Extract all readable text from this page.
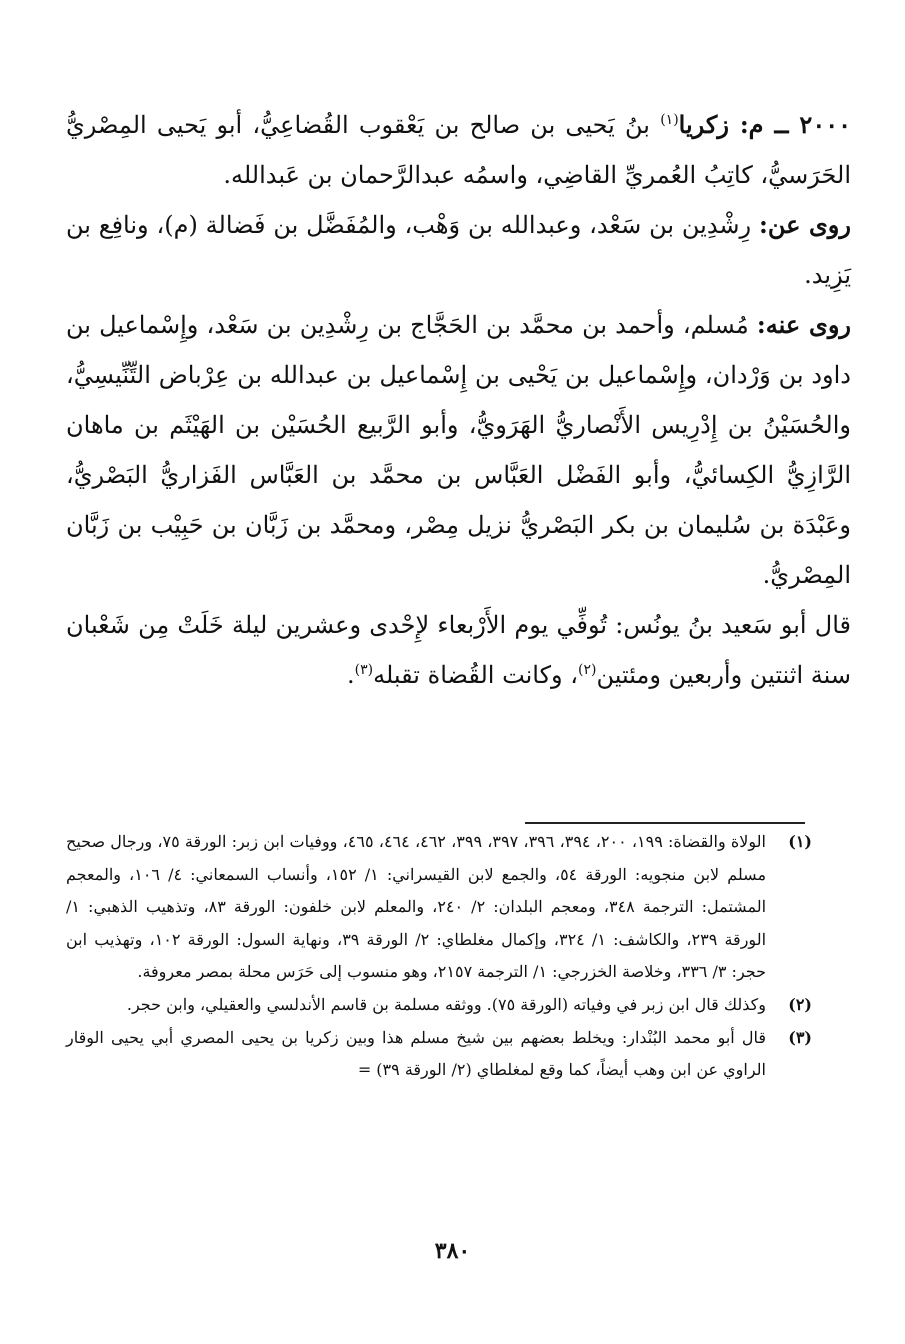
٢٠٠٠ ــ م: زكريا$^{(١)}$ بنُ يَحيى بن صالح بن يَعْقوب القُضاعِيُّ، أبو يَحيى المِصْريُّ الحَرَسيُّ، كاتِبُ العُمريِّ القاضِي، واسمُه عبدالرَّحمان بن عَبدالله.

روى عن: رِشْدِين بن سَعْد، وعبدالله بن وَهْب، والمُفَضَّل بن فَضالة (م)، ونافِع بن يَزِيد.

روى عنه: مُسلم، وأحمد بن محمَّد بن الحَجَّاج بن رِشْدِين بن سَعْد، وإِسْماعيل بن داود بن وَرْدان، وإِسْماعيل بن يَحْيى بن إِسْماعيل بن عبدالله بن عِرْباض التِّنِّيسِيُّ، والحُسَيْنُ بن إِدْرِيس الأَنْصاريُّ الهَرَويُّ، وأبو الرَّبيع الحُسَيْن بن الهَيْثَم بن ماهان الرَّازِيُّ الكِسائيُّ، وأبو الفَضْل العَبَّاس بن محمَّد بن العَبَّاس الفَزاريُّ البَصْريُّ، وعَبْدَة بن سُليمان بن بكر البَصْريُّ نزيل مِصْر، ومحمَّد بن زَبَّان بن حَبِيْب بن زَبَّان المِصْريُّ.

قال أبو سَعيد بنُ يونُس: تُوفِّي يوم الأَرْبعاء لإِحْدى وعشرين ليلة خَلَتْ مِن شَعْبان سنة اثنتين وأربعين ومئتين$^{(٢)}$، وكانت القُضاة تقبله$^{(٣)}$.

(١)
الولاة والقضاة: ١٩٩، ٢٠٠، ٣٩٤، ٣٩٦، ٣٩٧، ٣٩٩، ٤٦٢، ٤٦٤، ٤٦٥، ووفيات ابن زبر: الورقة ٧٥، ورجال صحيح مسلم لابن منجويه: الورقة ٥٤، والجمع لابن القيسراني: ١/ ١٥٢، وأنساب السمعاني: ٤/ ١٠٦، والمعجم المشتمل: الترجمة ٣٤٨، ومعجم البلدان: ٢/ ٢٤٠، والمعلم لابن خلفون: الورقة ٨٣، وتذهيب الذهبي: ١/ الورقة ٢٣٩، والكاشف: ١/ ٣٢٤، وإكمال مغلطاي: ٢/ الورقة ٣٩، ونهاية السول: الورقة ١٠٢، وتهذيب ابن حجر: ٣/ ٣٣٦، وخلاصة الخزرجي: ١/ الترجمة ٢١٥٧، وهو منسوب إلى حَرَس محلة بمصر معروفة.

(٢)
وكذلك قال ابن زبر في وفياته (الورقة ٧٥). ووثقه مسلمة بن قاسم الأندلسي والعقيلي، وابن حجر.

(٣)
قال أبو محمد البُنْدار: ويخلط بعضهم بين شيخ مسلم هذا وبين زكريا بن يحيى المصري أبي يحيى الوقار الراوي عن ابن وهب أيضاً، كما وقع لمغلطاي (٢/ الورقة ٣٩) =

٣٨٠
